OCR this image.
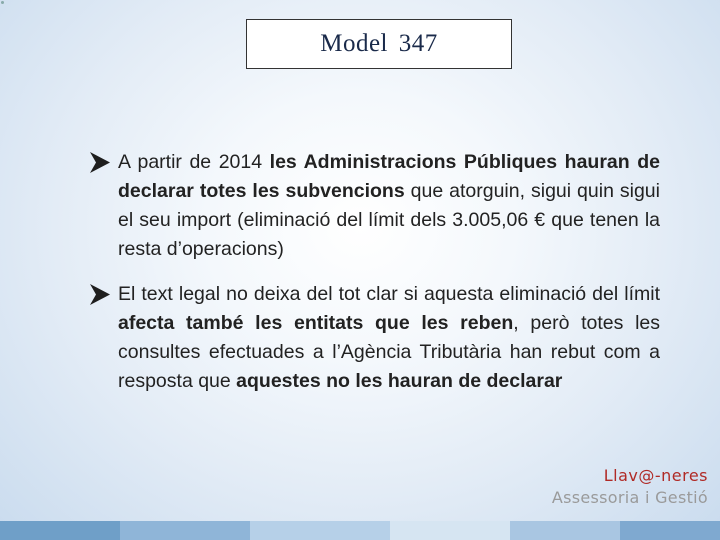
Model 347
A partir de 2014 les Administracions Públiques hauran de declarar totes les subvencions que atorguin, sigui quin sigui el seu import (eliminació del límit dels 3.005,06 € que tenen la resta d’operacions)
El text legal no deixa del tot clar si aquesta eliminació del límit afecta també les entitats que les reben, però totes les consultes efectuades a l’Agència Tributària han rebut com a resposta que aquestes no les hauran de declarar
Llav@-neres
Assessoria i Gestió
